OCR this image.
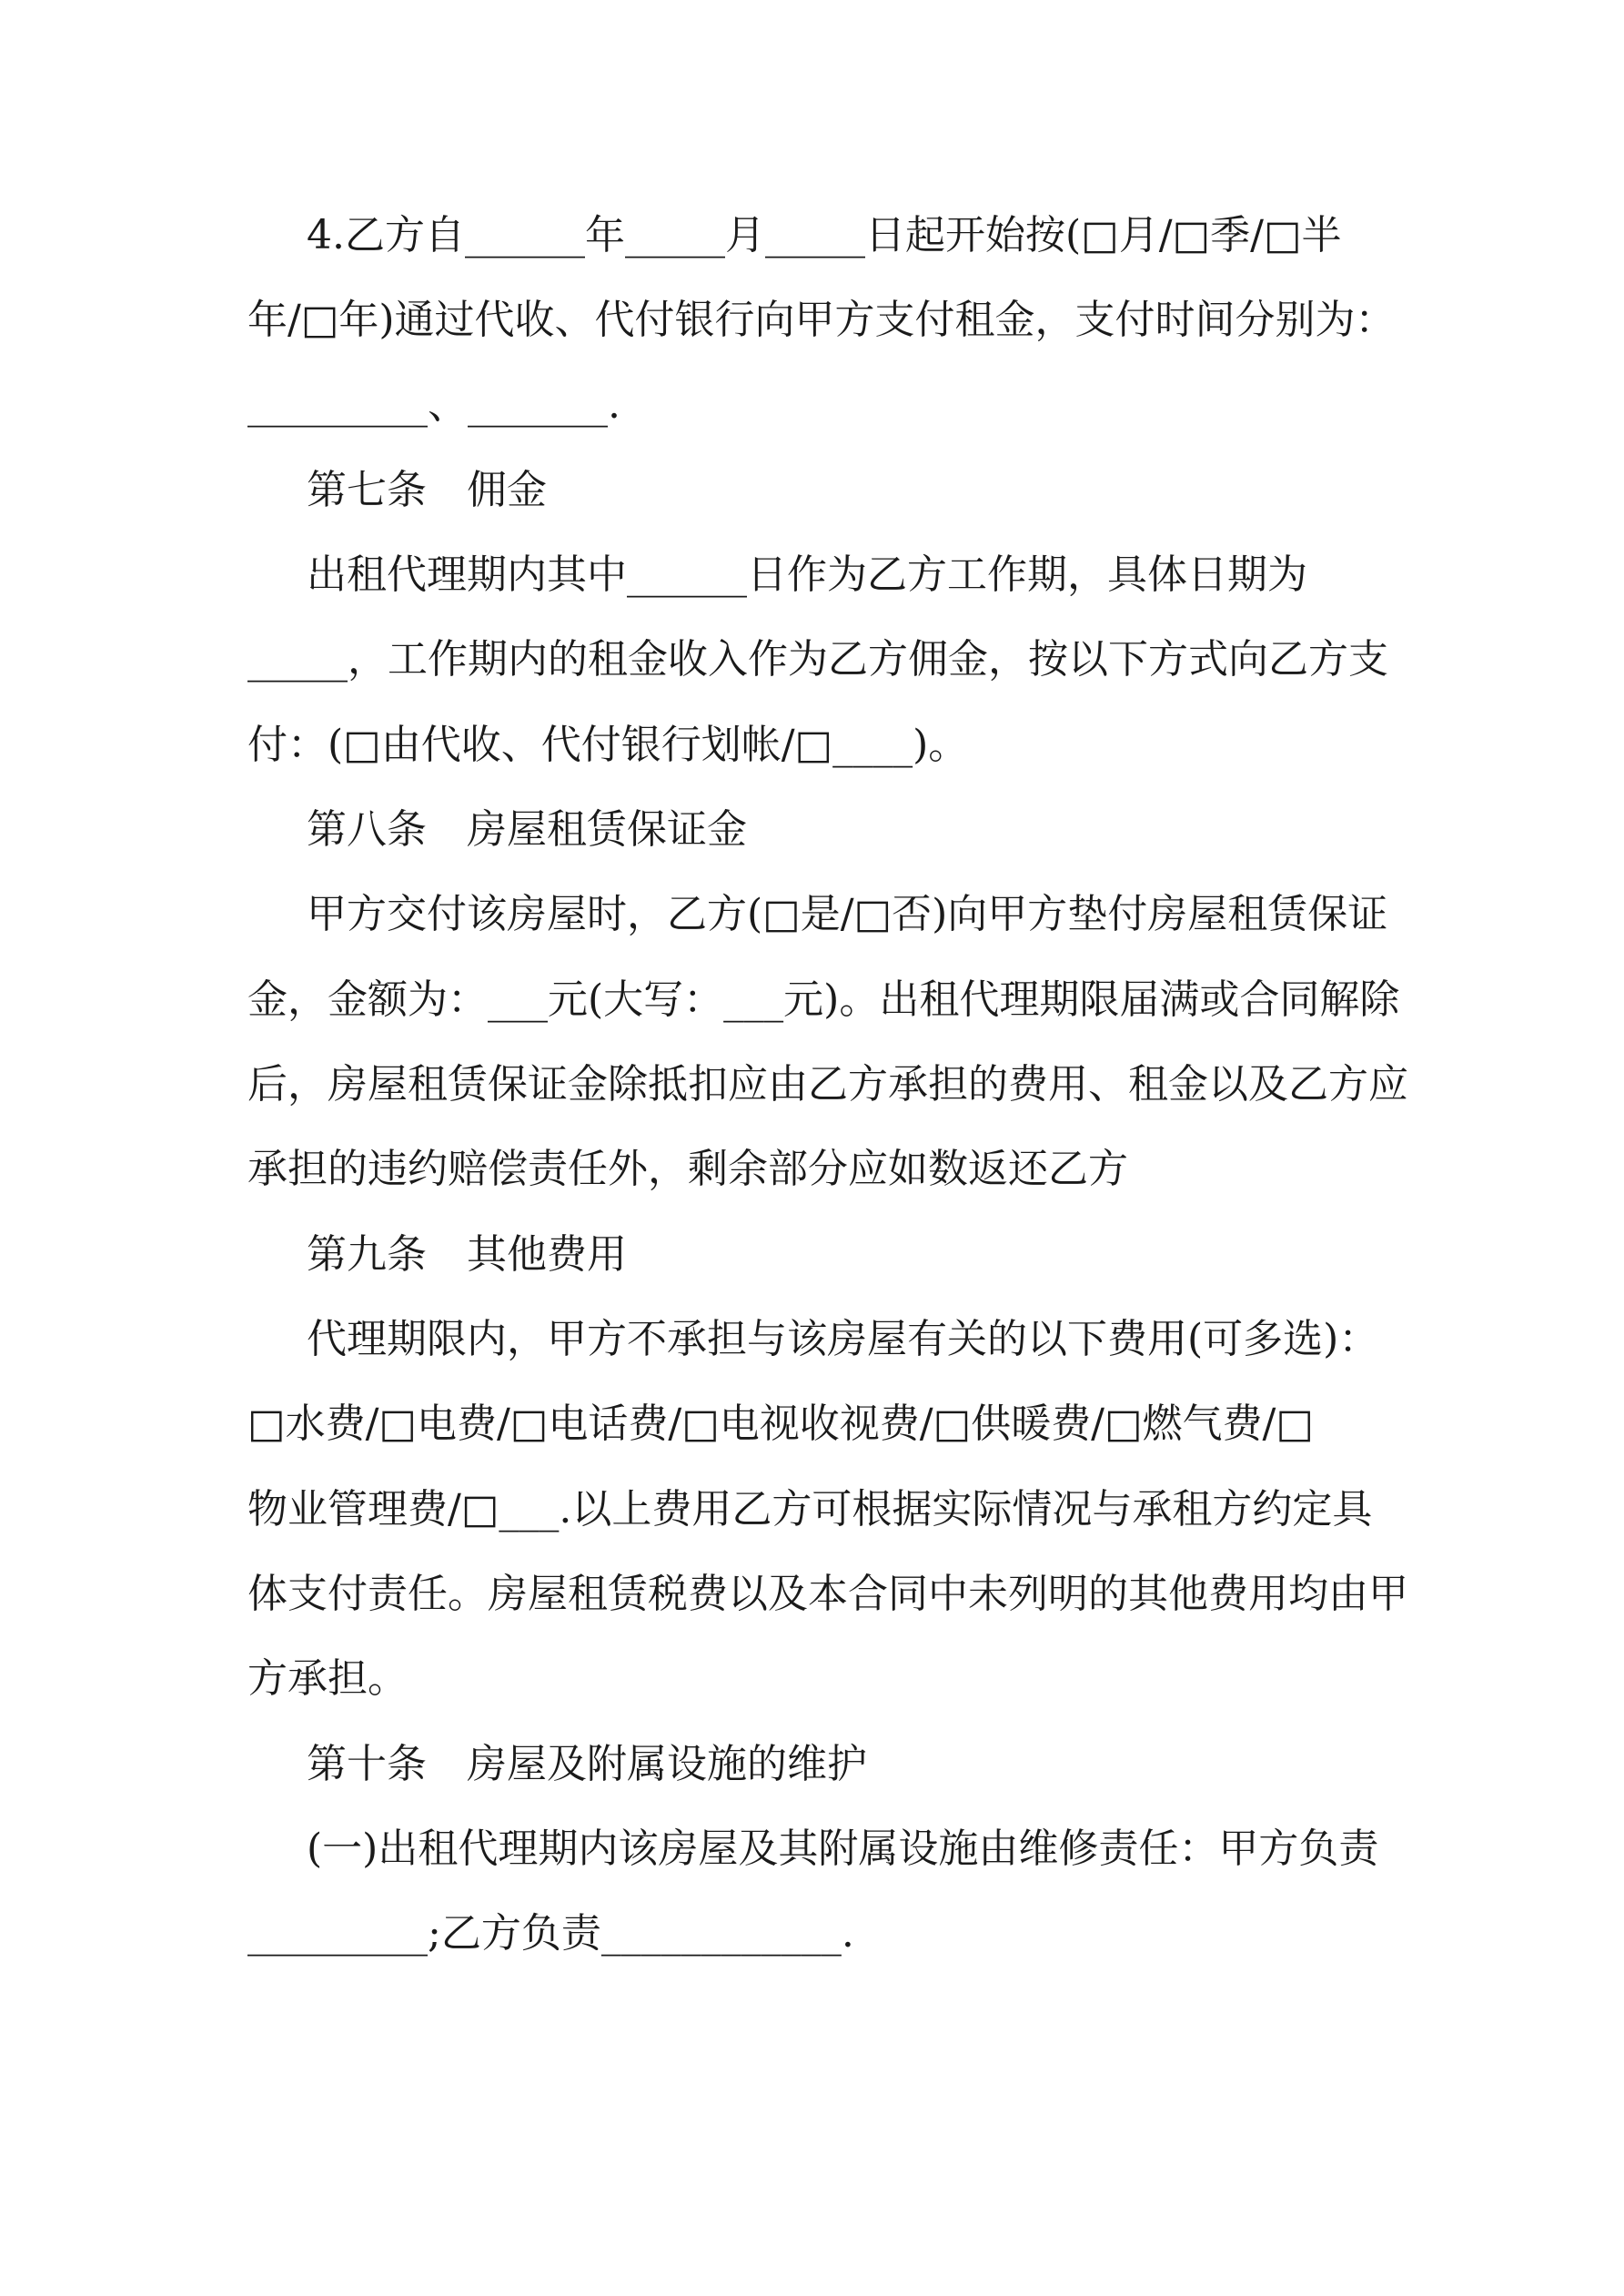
4.乙方自______年_____月_____日起开始按(□月/□季/□半

年/□年)通过代收、代付银行向甲方支付租金，支付时间分别为：

_________、_______.

第七条　佣金

出租代理期内其中______日作为乙方工作期，具体日期为

_____，工作期内的租金收入作为乙方佣金，按以下方式向乙方支

付：(□由代收、代付银行划帐/□____)。

第八条　房屋租赁保证金

甲方交付该房屋时，乙方(□是/□否)向甲方垫付房屋租赁保证

金，金额为：___元(大写：___元)。出租代理期限届满或合同解除

后，房屋租赁保证金除抵扣应由乙方承担的费用、租金以及乙方应

承担的违约赔偿责任外，剩余部分应如数返还乙方

第九条　其他费用

代理期限内，甲方不承担与该房屋有关的以下费用(可多选)：

□水费/□电费/□电话费/□电视收视费/□供暖费/□燃气费/□

物业管理费/□___.以上费用乙方可根据实际情况与承租方约定具

体支付责任。房屋租赁税费以及本合同中未列明的其他费用均由甲

方承担。

第十条　房屋及附属设施的维护

(一)出租代理期内该房屋及其附属设施由维修责任：甲方负责

_________;乙方负责____________.
